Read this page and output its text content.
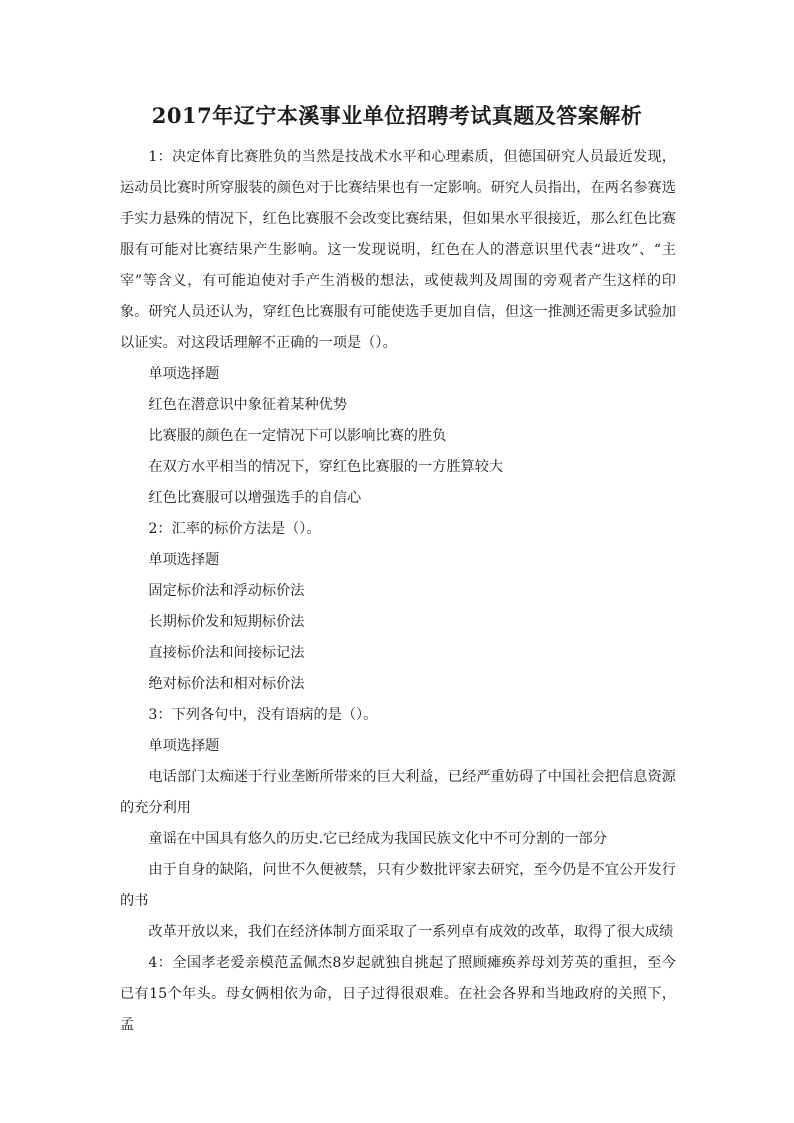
2017年辽宁本溪事业单位招聘考试真题及答案解析

1：决定体育比赛胜负的当然是技战术水平和心理素质，但德国研究人员最近发现，运动员比赛时所穿服装的颜色对于比赛结果也有一定影响。研究人员指出，在两名参赛选手实力悬殊的情况下，红色比赛服不会改变比赛结果，但如果水平很接近，那么红色比赛服有可能对比赛结果产生影响。这一发现说明，红色在人的潜意识里代表“进攻”、“主宰”等含义，有可能迫使对手产生消极的想法，或使裁判及周围的旁观者产生这样的印象。研究人员还认为，穿红色比赛服有可能使选手更加自信，但这一推测还需更多试验加以证实。对这段话理解不正确的一项是（）。

单项选择题

红色在潜意识中象征着某种优势

比赛服的颜色在一定情况下可以影响比赛的胜负

在双方水平相当的情况下，穿红色比赛服的一方胜算较大

红色比赛服可以增强选手的自信心

2：汇率的标价方法是（）。

单项选择题

固定标价法和浮动标价法

长期标价发和短期标价法

直接标价法和间接标记法

绝对标价法和相对标价法

3：下列各句中，没有语病的是（）。

单项选择题

电话部门太痴迷于行业垄断所带来的巨大利益，已经严重妨碍了中国社会把信息资源的充分利用

童谣在中国具有悠久的历史.它已经成为我国民族文化中不可分割的一部分

由于自身的缺陷，问世不久便被禁，只有少数批评家去研究，至今仍是不宜公开发行的书

改革开放以来，我们在经济体制方面采取了一系列卓有成效的改革，取得了很大成绩

4：全国孝老爱亲模范孟佩杰8岁起就独自挑起了照顾瘫痪养母刘芳英的重担，至今已有15个年头。母女俩相依为命，日子过得很艰难。在社会各界和当地政府的关照下，孟
